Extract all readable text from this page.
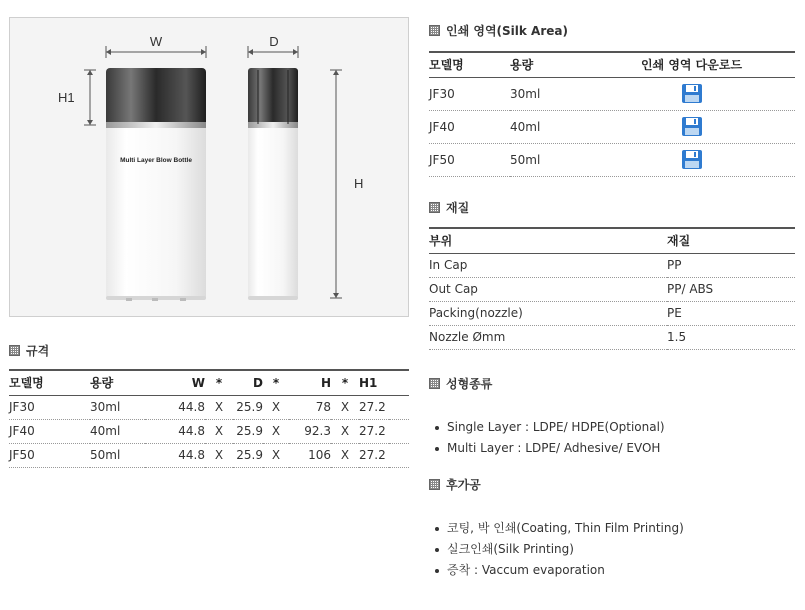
W	D
H1
H
Multi Layer Blow Bottle
규격
모델명	용량	W	*	D	*	H	*	H1	
JF30	30ml	44.8	X	25.9	X	78	X	27.2	
JF40	40ml	44.8	X	25.9	X	92.3	X	27.2	
JF50	50ml	44.8	X	25.9	X	106	X	27.2	
인쇄 영역(Silk Area)
모델명	용량	인쇄 영역 다운로드
JF30	30ml	
JF40	40ml	
JF50	50ml	
재질
부위	재질
In Cap	PP
Out Cap	PP/ ABS
Packing(nozzle)	PE
Nozzle Ømm	1.5
성형종류
Single Layer : LDPE/ HDPE(Optional)
Multi Layer : LDPE/ Adhesive/ EVOH
후가공
코팅, 박 인쇄(Coating, Thin Film Printing)
실크인쇄(Silk Printing)
증착 : Vaccum evaporation
